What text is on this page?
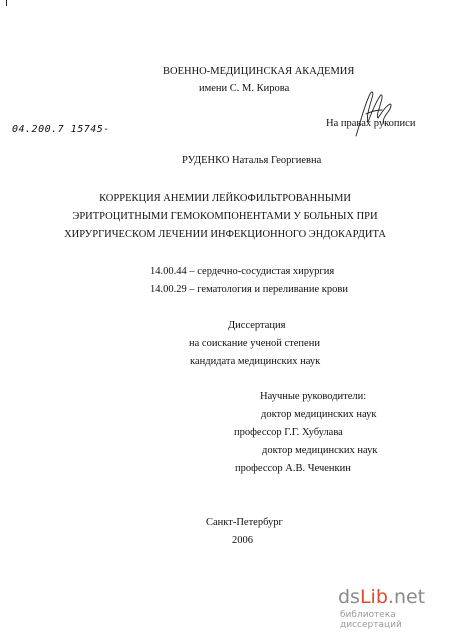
ВОЕННО-МЕДИЦИНСКАЯ АКАДЕМИЯ
имени С. М. Кирова
04.200.7 15745-
На правах рукописи
РУДЕНКО Наталья Георгиевна
КОРРЕКЦИЯ АНЕМИИ ЛЕЙКОФИЛЬТРОВАННЫМИ
ЭРИТРОЦИТНЫМИ ГЕМОКОМПОНЕНТАМИ У БОЛЬНЫХ ПРИ
ХИРУРГИЧЕСКОМ ЛЕЧЕНИИ ИНФЕКЦИОННОГО ЭНДОКАРДИТА
14.00.44 – сердечно-сосудистая хирургия
14.00.29 – гематология и переливание крови
Диссертация
на соискание ученой степени
кандидата медицинских наук
Научные руководители:
доктор медицинских наук
профессор Г.Г. Хубулава
доктор медицинских наук
профессор А.В. Чеченкин
Санкт-Петербург
2006
dsLib.net
библиотека диссертаций
